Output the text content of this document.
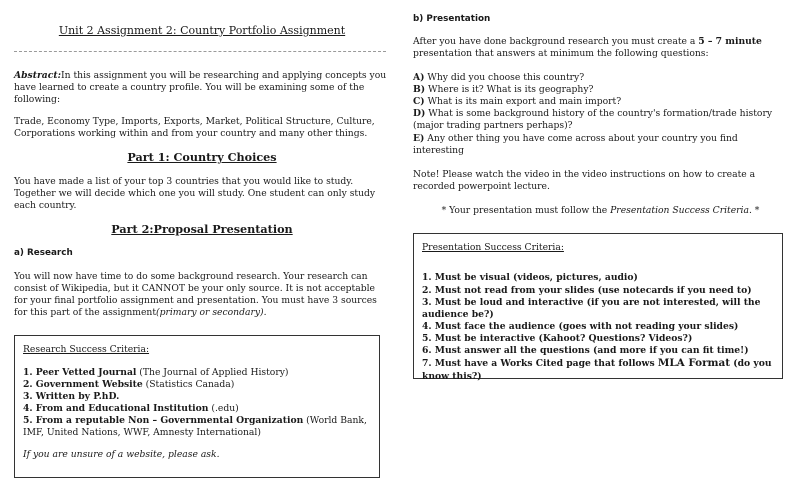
Unit 2 Assignment 2: Country Portfolio Assignment

Abstract:In this assignment you will be researching and applying concepts you have learned to create a country profile. You will be examining some of the following:

Trade, Economy Type, Imports, Exports, Market, Political Structure, Culture, Corporations working within and from your country and many other things.

Part 1: Country Choices

You have made a list of your top 3 countries that you would like to study. Together we will decide which one you will study. One student can only study each country.

Part 2:Proposal Presentation

a) Research

You will now have time to do some background research. Your research can consist of Wikipedia, but it CANNOT be your only source. It is not acceptable for your final portfolio assignment and presentation. You must have 3 sources for this part of the assignment(primary or secondary).

Research Success Criteria:

1. Peer Vetted Journal (The Journal of Applied History)

2. Government Website (Statistics Canada)

3. Written by P.hD.

4. From and Educational Institution (.edu)

5. From a reputable Non – Governmental Organization (World Bank, IMF, United Nations, WWF, Amnesty International)

If you are unsure of a website, please ask.

b) Presentation

After you have done background research you must create a 5 – 7 minute presentation that answers at minimum the following questions:

A) Why did you choose this country?

B) Where is it? What is its geography?

C) What is its main export and main import?

D) What is some background history of the country's formation/trade history (major trading partners perhaps)?

E) Any other thing you have come across about your country you find interesting

Note! Please watch the video in the video instructions on how to create a recorded powerpoint lecture.

* Your presentation must follow the Presentation Success Criteria. *

Presentation Success Criteria:

1. Must be visual (videos, pictures, audio)

2. Must not read from your slides (use notecards if you need to)

3. Must be loud and interactive (if you are not interested, will the audience be?)

4. Must face the audience (goes with not reading your slides)

5. Must be interactive (Kahoot? Questions? Videos?)

6. Must answer all the questions (and more if you can fit time!)

7. Must have a Works Cited page that follows MLA Format (do you know this?)
